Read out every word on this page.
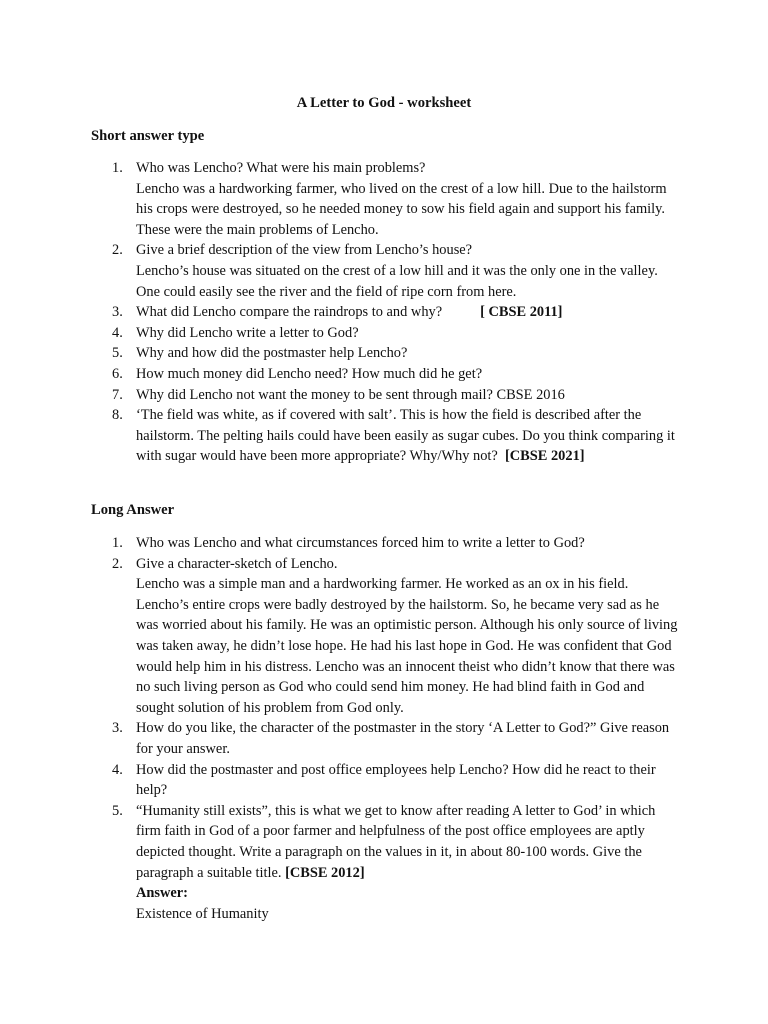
A Letter to God - worksheet
Short answer type
1. Who was Lencho? What were his main problems?
Lencho was a hardworking farmer, who lived on the crest of a low hill. Due to the hailstorm his crops were destroyed, so he needed money to sow his field again and support his family. These were the main problems of Lencho.
2. Give a brief description of the view from Lencho’s house?
Lencho’s house was situated on the crest of a low hill and it was the only one in the valley. One could easily see the river and the field of ripe corn from here.
3. What did Lencho compare the raindrops to and why?	[ CBSE 2011]
4. Why did Lencho write a letter to God?
5. Why and how did the postmaster help Lencho?
6. How much money did Lencho need? How much did he get?
7. Why did Lencho not want the money to be sent through mail? CBSE 2016
8. ‘The field was white, as if covered with salt’. This is how the field is described after the hailstorm. The pelting hails could have been easily as sugar cubes. Do you think comparing it with sugar would have been more appropriate? Why/Why not? [CBSE 2021]
Long Answer
1. Who was Lencho and what circumstances forced him to write a letter to God?
2. Give a character-sketch of Lencho.
Lencho was a simple man and a hardworking farmer. He worked as an ox in his field. Lencho’s entire crops were badly destroyed by the hailstorm. So, he became very sad as he was worried about his family. He was an optimistic person. Although his only source of living was taken away, he didn’t lose hope. He had his last hope in God. He was confident that God would help him in his distress. Lencho was an innocent theist who didn’t know that there was no such living person as God who could send him money. He had blind faith in God and sought solution of his problem from God only.
3. How do you like, the character of the postmaster in the story ‘A Letter to God?” Give reason for your answer.
4. How did the postmaster and post office employees help Lencho? How did he react to their help?
5. “Humanity still exists”, this is what we get to know after reading A letter to God’ in which firm faith in God of a poor farmer and helpfulness of the post office employees are aptly depicted thought. Write a paragraph on the values in it, in about 80-100 words. Give the paragraph a suitable title. [CBSE 2012]
Answer:
Existence of Humanity
